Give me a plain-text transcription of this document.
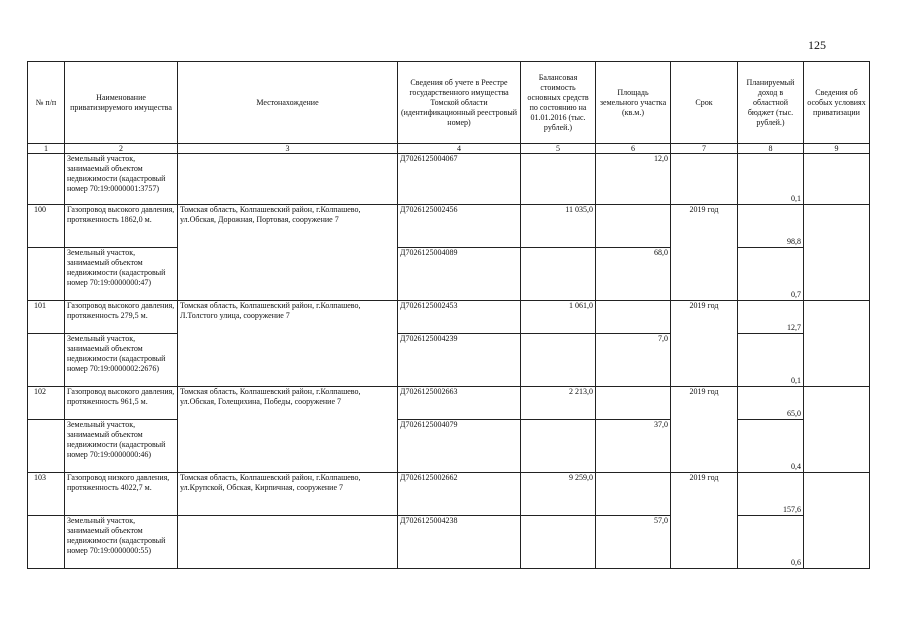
125
№ п/п	Наименование приватизируемого имущества	Местонахождение	Сведения об учете в Реестре государственного имущества Томской области (идентификационный реестровый номер)	Балансовая стоимость основных средств по состоянию на 01.01.2016 (тыс. рублей.)	Площадь земельного участка (кв.м.)	Срок	Планируемый доход в областной бюджет (тыс. рублей.)	Сведения об особых условиях приватизации
1	2	3	4	5	6	7	8	9
	Земельный участок, занимаемый объектом недвижимости (кадастровый номер 70:19:0000001:3757)		Д7026125004067		12,0		0,1	
100	Газопровод высокого давления, протяженность 1862,0 м.	Томская область, Колпашевский район, г.Колпашево, ул.Обская, Дорожная, Портовая, сооружение 7	Д7026125002456	11 035,0		2019 год	98,8	
	Земельный участок, занимаемый объектом недвижимости (кадастровый номер 70:19:0000000:47)		Д7026125004089		68,0		0,7	
101	Газопровод высокого давления, протяженность 279,5 м.	Томская область, Колпашевский район, г.Колпашево, Л.Толстого улица, сооружение 7	Д7026125002453	1 061,0		2019 год	12,7	
	Земельный участок, занимаемый объектом недвижимости (кадастровый номер 70:19:0000002:2676)		Д7026125004239		7,0		0,1	
102	Газопровод высокого давления, протяженность 961,5 м.	Томская область, Колпашевский район, г.Колпашево, ул.Обская, Голещихина, Победы, сооружение 7	Д7026125002663	2 213,0		2019 год	65,0	
	Земельный участок, занимаемый объектом недвижимости (кадастровый номер 70:19:0000000:46)		Д7026125004079		37,0		0,4	
103	Газопровод низкого давления, протяженность 4022,7 м.	Томская область, Колпашевский район, г.Колпашево, ул.Крупской, Обская, Кирпичная, сооружение 7	Д7026125002662	9 259,0		2019 год	157,6	
	Земельный участок, занимаемый объектом недвижимости (кадастровый номер 70:19:0000000:55)		Д7026125004238		57,0		0,6	
